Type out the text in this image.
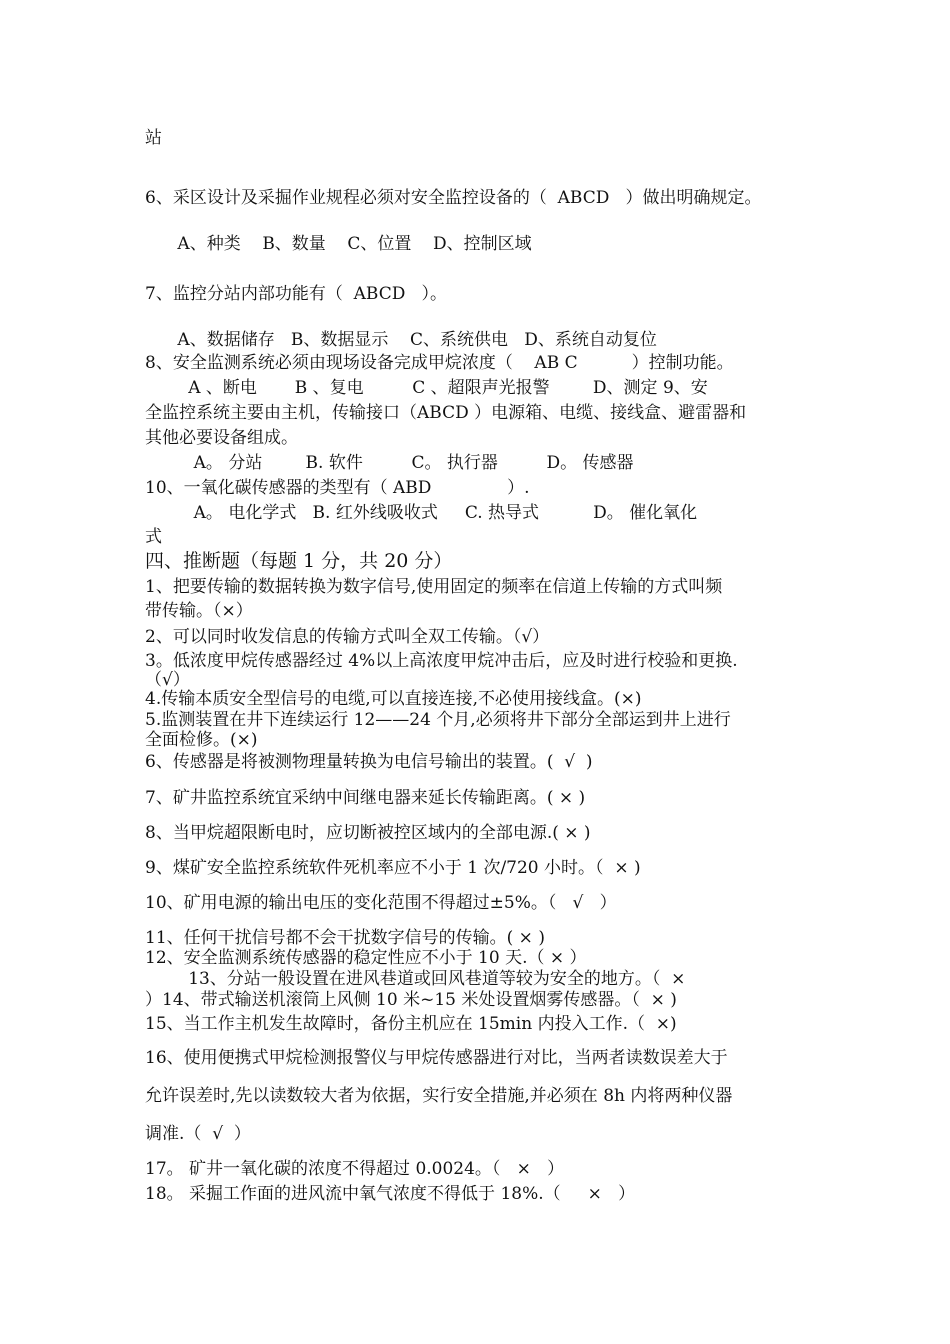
站
6、采区设计及采掘作业规程必须对安全监控设备的（  ABCD   ）做出明确规定。
A、种类    B、数量    C、位置    D、控制区域
7、监控分站内部功能有（  ABCD   ）。
A、数据储存   B、数据显示    C、系统供电   D、系统自动复位
8、安全监测系统必须由现场设备完成甲烷浓度（    AB C          ）控制功能。
A 、断电       B 、复电         C 、超限声光报警        D、测定 9、安
全监控系统主要由主机，传输接口（ABCD ）电源箱、电缆、接线盒、避雷器和
其他必要设备组成。
A。 分站        B. 软件         C。 执行器         D。 传感器
10、一氧化碳传感器的类型有（ ABD              ）.
A。 电化学式   B. 红外线吸收式     C. 热导式          D。 催化氧化
式
四、推断题（每题 1 分，共 20 分）
1、把要传输的数据转换为数字信号,使用固定的频率在信道上传输的方式叫频
带传输。（×）
2、可以同时收发信息的传输方式叫全双工传输。（√）
3。低浓度甲烷传感器经过 4%以上高浓度甲烷冲击后，应及时进行校验和更换.
（√）
4.传输本质安全型信号的电缆,可以直接连接,不必使用接线盒。(×)
5.监测装置在井下连续运行 12——24 个月,必须将井下部分全部运到井上进行
全面检修。(×)
6、传感器是将被测物理量转换为电信号输出的装置。(  √  )
7、矿井监控系统宜采纳中间继电器来延长传输距离。( × )
8、当甲烷超限断电时，应切断被控区域内的全部电源.( × )
9、煤矿安全监控系统软件死机率应不小于 1 次/720 小时。（  × )
10、矿用电源的输出电压的变化范围不得超过±5%。（   √   ）
11、任何干扰信号都不会干扰数字信号的传输。( × )
12、安全监测系统传感器的稳定性应不小于 10 天.（ × ）
13、分站一般设置在进风巷道或回风巷道等较为安全的地方。（  ×
）14、带式输送机滚筒上风侧 10 米~15 米处设置烟雾传感器。（  × )
15、当工作主机发生故障时，备份主机应在 15min 内投入工作.（  ×)
16、使用便携式甲烷检测报警仪与甲烷传感器进行对比，当两者读数误差大于
允许误差时,先以读数较大者为依据，实行安全措施,并必须在 8h 内将两种仪器
调准.（  √  ）
17。 矿井一氧化碳的浓度不得超过 0.0024。（   ×   ）
18。 采掘工作面的进风流中氧气浓度不得低于 18%.（     ×   ）
